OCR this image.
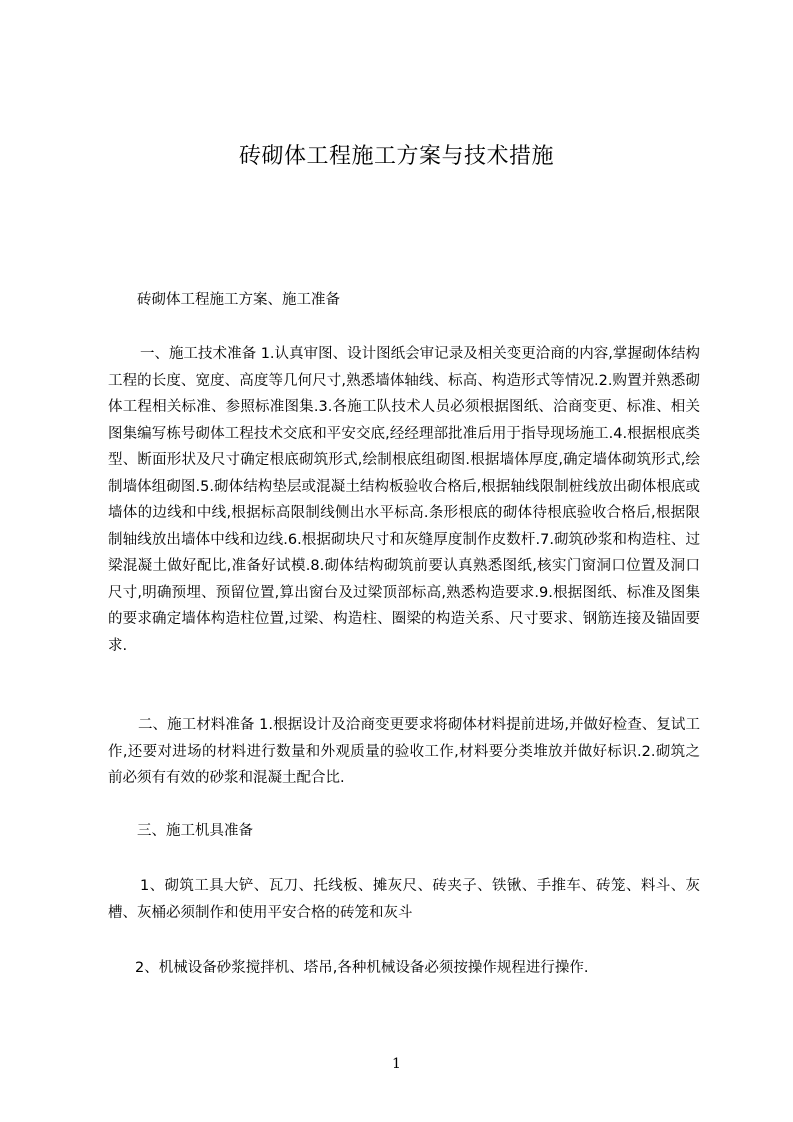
砖砌体工程施工方案与技术措施

砖砌体工程施工方案、施工准备

一、施工技术准备 1.认真审图、设计图纸会审记录及相关变更洽商的内容,掌握砌体结构工程的长度、宽度、高度等几何尺寸,熟悉墙体轴线、标高、构造形式等情况.2.购置并熟悉砌体工程相关标准、参照标准图集.3.各施工队技术人员必须根据图纸、洽商变更、标准、相关图集编写栋号砌体工程技术交底和平安交底,经经理部批准后用于指导现场施工.4.根据根底类型、断面形状及尺寸确定根底砌筑形式,绘制根底组砌图.根据墙体厚度,确定墙体砌筑形式,绘制墙体组砌图.5.砌体结构垫层或混凝土结构板验收合格后,根据轴线限制桩线放出砌体根底或墙体的边线和中线,根据标高限制线侧出水平标高.条形根底的砌体待根底验收合格后,根据限制轴线放出墙体中线和边线.6.根据砌块尺寸和灰缝厚度制作皮数杆.7.砌筑砂浆和构造柱、过梁混凝土做好配比,准备好试模.8.砌体结构砌筑前要认真熟悉图纸,核实门窗洞口位置及洞口尺寸,明确预埋、预留位置,算出窗台及过梁顶部标高,熟悉构造要求.9.根据图纸、标准及图集的要求确定墙体构造柱位置,过梁、构造柱、圈梁的构造关系、尺寸要求、钢筋连接及锚固要求.

二、施工材料准备 1.根据设计及洽商变更要求将砌体材料提前进场,并做好检查、复试工作,还要对进场的材料进行数量和外观质量的验收工作,材料要分类堆放并做好标识.2.砌筑之前必须有有效的砂浆和混凝土配合比.

三、施工机具准备

1、砌筑工具大铲、瓦刀、托线板、摊灰尺、砖夹子、铁锹、手推车、砖笼、料斗、灰槽、灰桶必须制作和使用平安合格的砖笼和灰斗

2、机械设备砂浆搅拌机、塔吊,各种机械设备必须按操作规程进行操作.

1
